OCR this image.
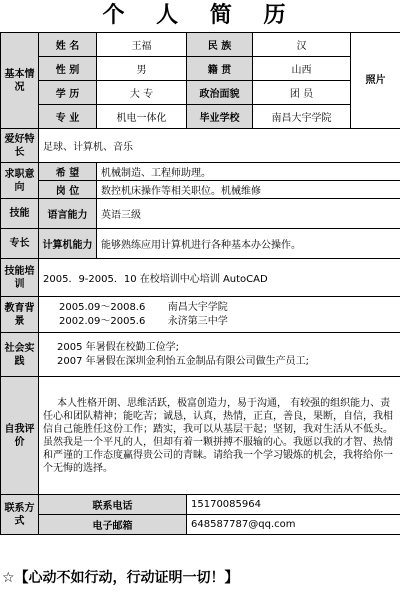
个 人 简 历
基本情况	姓 名	王福	民 族	汉	照片
	性 别	男	籍 贯	山西	
	学 历	大 专	政治面貌	团 员	
	专 业	机电一体化	毕业学校	南昌大宇学院	
爱好特长	足球、计算机、音乐				
求职意向	希 望	机械制造、工程师助理。			
	岗 位	数控机床操作等相关职位。机械维修			
技能	语言能力	英语三级			
专长	计算机能力	能够熟练应用计算机进行各种基本办公操作。			
技能培训	2005．9-2005．10 在校培训中心培训 AutoCAD				
教育背景	2005.09～2008.6 南昌大宇学院
2002.09～2005.6 永济第三中学				

社会实践	2005 年暑假在校勤工俭学;
2007 年暑假在深圳金利怡五金制品有限公司做生产员工;				

自我评价	本人性格开朗、思维活跃，极富创造力，易于沟通， 有较强的组织能力、责任心和团队精神；能吃苦；诚恳，认真，热情，正直，善良，果断，自信，我相信自己能胜任这份工作；踏实，我可以从基层干起；坚韧，我对生活从不低头。 虽然我是一个平凡的人，但却有着一颗拼搏不服输的心。我愿以我的才智、热情和严谨的工作态度赢得贵公司的青睐。请给我一个学习锻炼的机会，我将给你一个无悔的选择。				
联系方式	联系电话		15170085964		
	电子邮箱		648587787@qq.com		
☆【心动不如行动，行动证明一切！】
